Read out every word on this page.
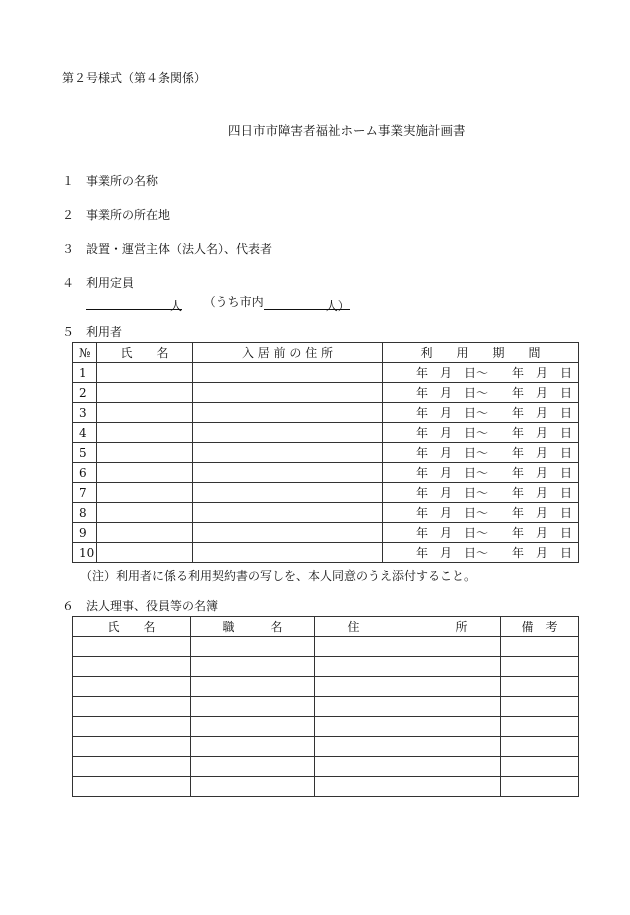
第２号様式（第４条関係）
四日市市障害者福祉ホーム事業実施計画書
１　事業所の名称
２　事業所の所在地
３　設置・運営主体（法人名）、代表者
４　利用定員
人 （うち市内	人）
５　利用者
№	氏　　名	入 居 前 の 住 所	利　　用　　期　　間
1			年　月　日～　　年　月　日
2			年　月　日～　　年　月　日
3			年　月　日～　　年　月　日
4			年　月　日～　　年　月　日
5			年　月　日～　　年　月　日
6			年　月　日～　　年　月　日
7			年　月　日～　　年　月　日
8			年　月　日～　　年　月　日
9			年　月　日～　　年　月　日
10			年　月　日～　　年　月　日
（注）利用者に係る利用契約書の写しを、本人同意のうえ添付すること。
６　法人理事、役員等の名簿
氏　　名	職　　　名	住　　　　　　　　所	備　考
